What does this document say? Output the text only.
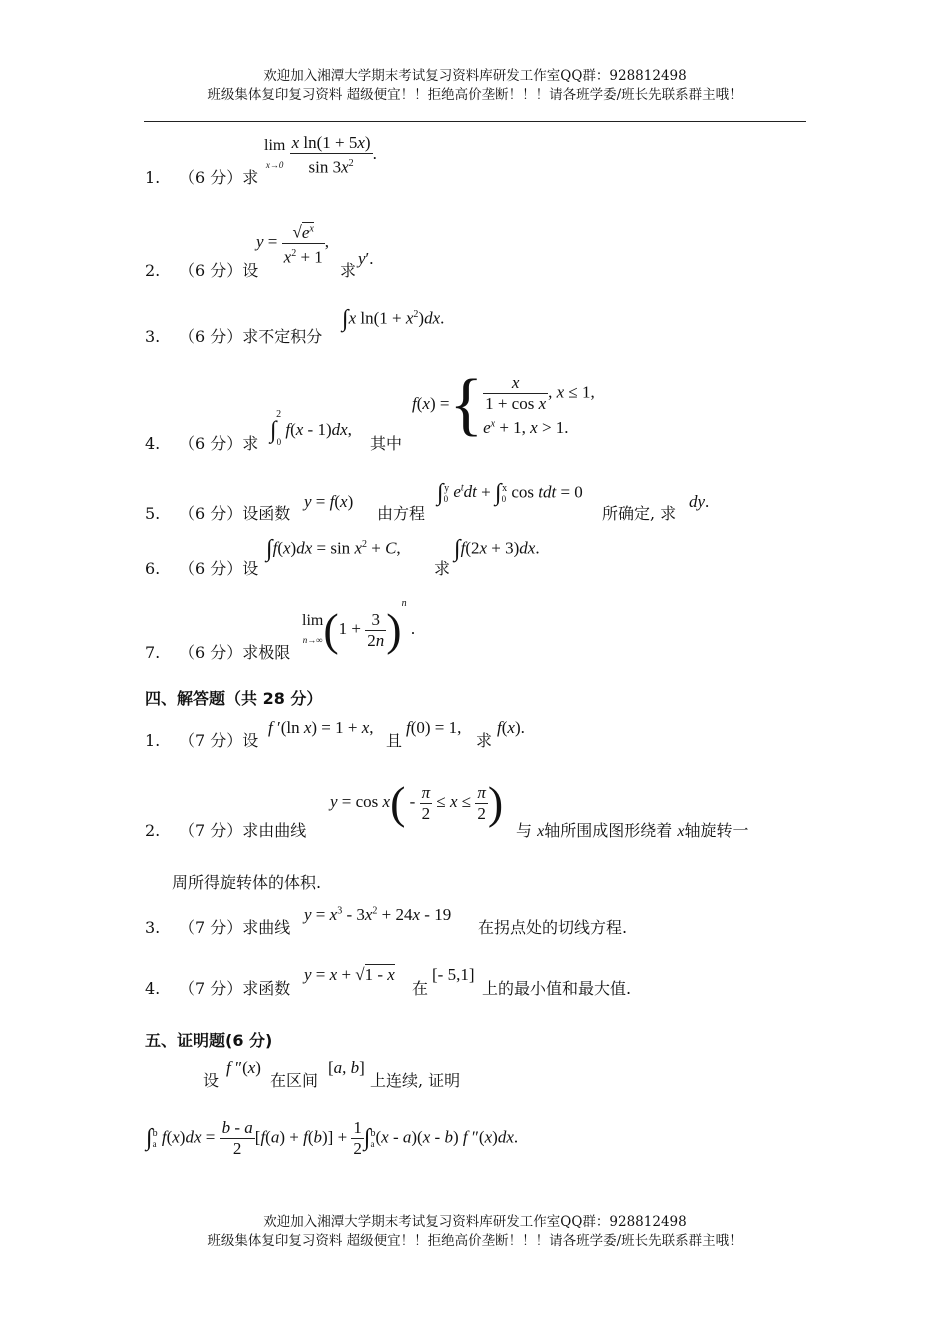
欢迎加入湘潭大学期末考试复习资料库研发工作室QQ群：928812498
班级集体复印复习资料 超级便宜！！拒绝高价垄断！！！请各班学委/班长先联系群主哦！
1. （6 分）求
lim
$x\to 0 \frac{\text{x ln(1 + 5x)}}{\sin 3x^2}$ .
2. （6 分）设
$y = \frac{√e^x}{x^2 + 1}$ ,
求
y′.
3. （6 分）求不定积分
∫x $\ln(1 + x^2)dx$.
4. （6 分）求 $\int_0^2$ f(x - 1)dx,
其中
f(x) ={ $\frac{x}{\text{1 + cos x}}$ , x ≤ 1,
$e^x + 1$, x > 1.
5. （6 分）设函数
y = f(x)
由方程
$\int_0^y$ $e^tdt + \int_0^x$ cos tdt = 0
所确定, 求
dy.
6. （6 分）设
$\int f(x)dx = \sin x^2 + C$,
求
∫f(2x + 3)dx.
7. （6 分）求极限
lim
$n\to\infty(1 + \frac{3}{2n} )^n$ .
四、解答题（共 28 分）
1. （7 分）设
f ′(ln x) = 1 + x,
且
f(0) = 1,
求
f(x).
2. （7 分）求由曲线
$y = \cos x( - \frac{\pi}{2} \le x \le \frac{\pi}{2}$ )
与 x轴所围成图形绕着 x轴旋转一
周所得旋转体的体积.
3. （7 分）求曲线
$y = x^3 - 3x^2 + 24x - 19$
在拐点处的切线方程.
4. （7 分）求函数
y = x + √1 - x
在
[- 5,1]
上的最小值和最大值.
五、证明题(6 分)
设
f ″(x)
在区间
[a, b]
上连续, 证明
$\int_a^b$ $f(x)dx = \frac{b - a}{2} [f(a) + f(b)] + \frac{1}{2} \int_a^b(x - a)(x - b)$ f ″(x)dx.
欢迎加入湘潭大学期末考试复习资料库研发工作室QQ群：928812498
班级集体复印复习资料 超级便宜！！拒绝高价垄断！！！请各班学委/班长先联系群主哦！
